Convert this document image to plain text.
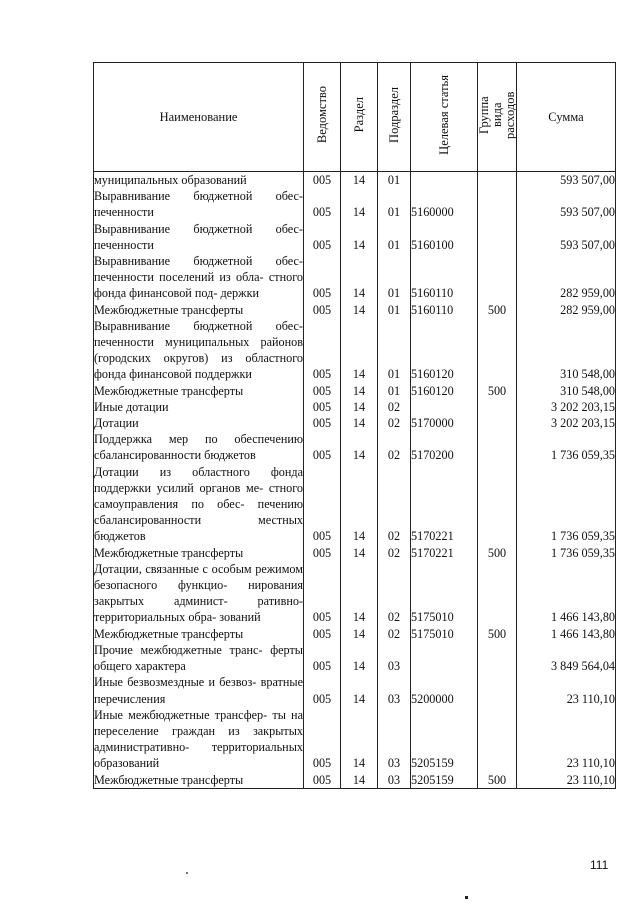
Наименование	Ведомство	Раздел	Подраздел	Целевая статья	Группа вида расходов	Сумма
муниципальных образований	005	14	01			593 507,00
Выравнивание бюджетной обес- печенности	005	14	01	5160000		593 507,00
Выравнивание бюджетной обес- печенности	005	14	01	5160100		593 507,00
Выравнивание бюджетной обес- печенности поселений из обла- стного фонда финансовой под- держки	005	14	01	5160110		282 959,00
Межбюджетные трансферты	005	14	01	5160110	500	282 959,00
Выравнивание бюджетной обес- печенности муниципальных районов (городских округов) из областного фонда финансовой поддержки	005	14	01	5160120		310 548,00
Межбюджетные трансферты	005	14	01	5160120	500	310 548,00
Иные дотации	005	14	02			3 202 203,15
Дотации	005	14	02	5170000		3 202 203,15
Поддержка мер по обеспечению сбалансированности бюджетов	005	14	02	5170200		1 736 059,35
Дотации из областного фонда поддержки усилий органов ме- стного самоуправления по обес- печению сбалансированности местных бюджетов	005	14	02	5170221		1 736 059,35
Межбюджетные трансферты	005	14	02	5170221	500	1 736 059,35
Дотации, связанные с особым режимом безопасного функцио- нирования закрытых админист- ративно-территориальных обра- зований	005	14	02	5175010		1 466 143,80
Межбюджетные трансферты	005	14	02	5175010	500	1 466 143,80
Прочие межбюджетные транс- ферты общего характера	005	14	03			3 849 564,04
Иные безвозмездные и безвоз- вратные перечисления	005	14	03	5200000		23 110,10
Иные межбюджетные трансфер- ты на переселение граждан из закрытых административно- территориальных образований	005	14	03	5205159		23 110,10
Межбюджетные трансферты	005	14	03	5205159	500	23 110,10
111
